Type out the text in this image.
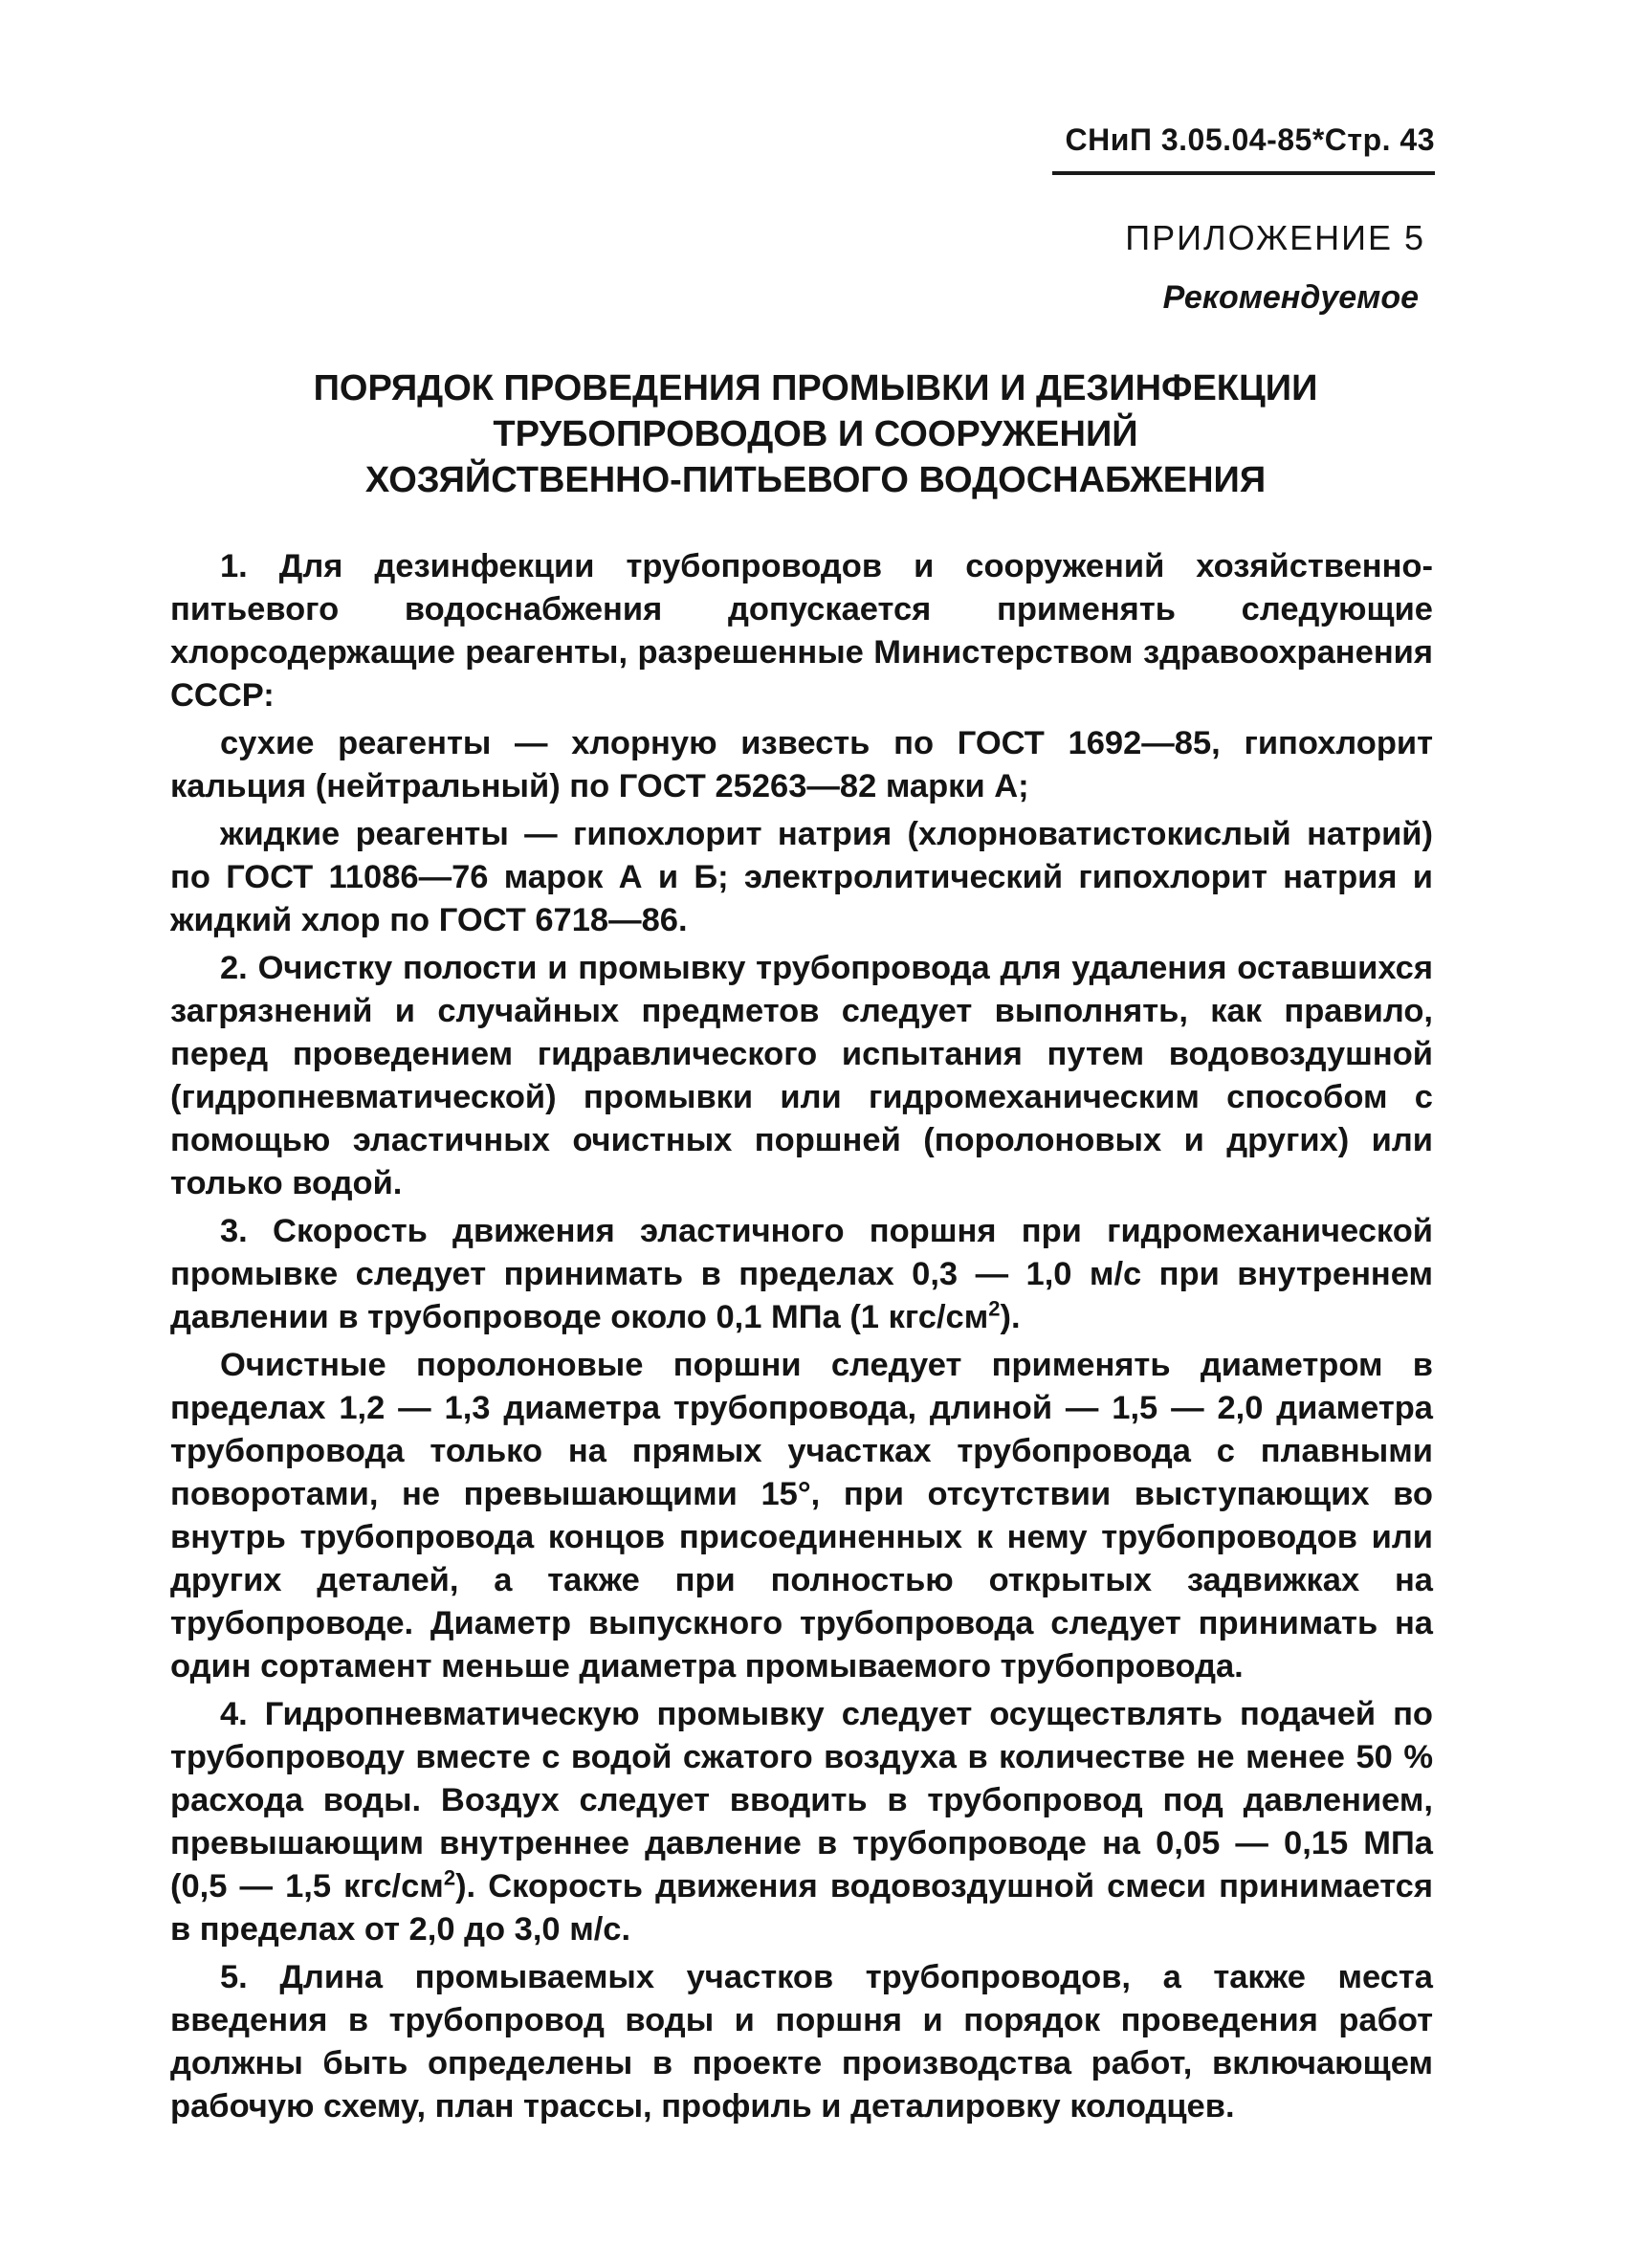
СНиП 3.05.04-85*Стр. 43
ПРИЛОЖЕНИЕ 5
Рекомендуемое
ПОРЯДОК ПРОВЕДЕНИЯ ПРОМЫВКИ И ДЕЗИНФЕКЦИИ
ТРУБОПРОВОДОВ И СООРУЖЕНИЙ
ХОЗЯЙСТВЕННО-ПИТЬЕВОГО ВОДОСНАБЖЕНИЯ

1. Для дезинфекции трубопроводов и сооружений хозяйственно-питьевого водоснабжения допускается применять следующие хлорсодержащие реагенты, разрешенные Министерством здравоохранения СССР:

сухие реагенты — хлорную известь по ГОСТ 1692—85, гипохлорит кальция (нейтральный) по ГОСТ 25263—82 марки А;

жидкие реагенты — гипохлорит натрия (хлорноватистокислый натрий) по ГОСТ 11086—76 марок А и Б; электролитический гипохлорит натрия и жидкий хлор по ГОСТ 6718—86.

2. Очистку полости и промывку трубопровода для удаления оставшихся загрязнений и случайных предметов следует выполнять, как правило, перед проведением гидравлического испытания путем водовоздушной (гидропневматической) промывки или гидромеханическим способом с помощью эластичных очистных поршней (поролоновых и других) или только водой.

3. Скорость движения эластичного поршня при гидромеханической промывке следует принимать в пределах 0,3 — 1,0 м/с при внутреннем давлении в трубопроводе около 0,1 МПа (1 кгс/$см^2$).

Очистные поролоновые поршни следует применять диаметром в пределах 1,2 — 1,3 диаметра трубопровода, длиной — 1,5 — 2,0 диаметра трубопровода только на прямых участках трубопровода с плавными поворотами, не превышающими 15°, при отсутствии выступающих во внутрь трубопровода концов присоединенных к нему трубопроводов или других деталей, а также при полностью открытых задвижках на трубопроводе. Диаметр выпускного трубопровода следует принимать на один сортамент меньше диаметра промываемого трубопровода.

4. Гидропневматическую промывку следует осуществлять подачей по трубопроводу вместе с водой сжатого воздуха в количестве не менее 50 % расхода воды. Воздух следует вводить в трубопровод под давлением, превышающим внутреннее давление в трубопроводе на 0,05 — 0,15 МПа (0,5 — 1,5 кгс/$см^2$). Скорость движения водовоздушной смеси принимается в пределах от 2,0 до 3,0 м/с.

5. Длина промываемых участков трубопроводов, а также места введения в трубопровод воды и поршня и порядок проведения работ должны быть определены в проекте производства работ, включающем рабочую схему, план трассы, профиль и деталировку колодцев.
